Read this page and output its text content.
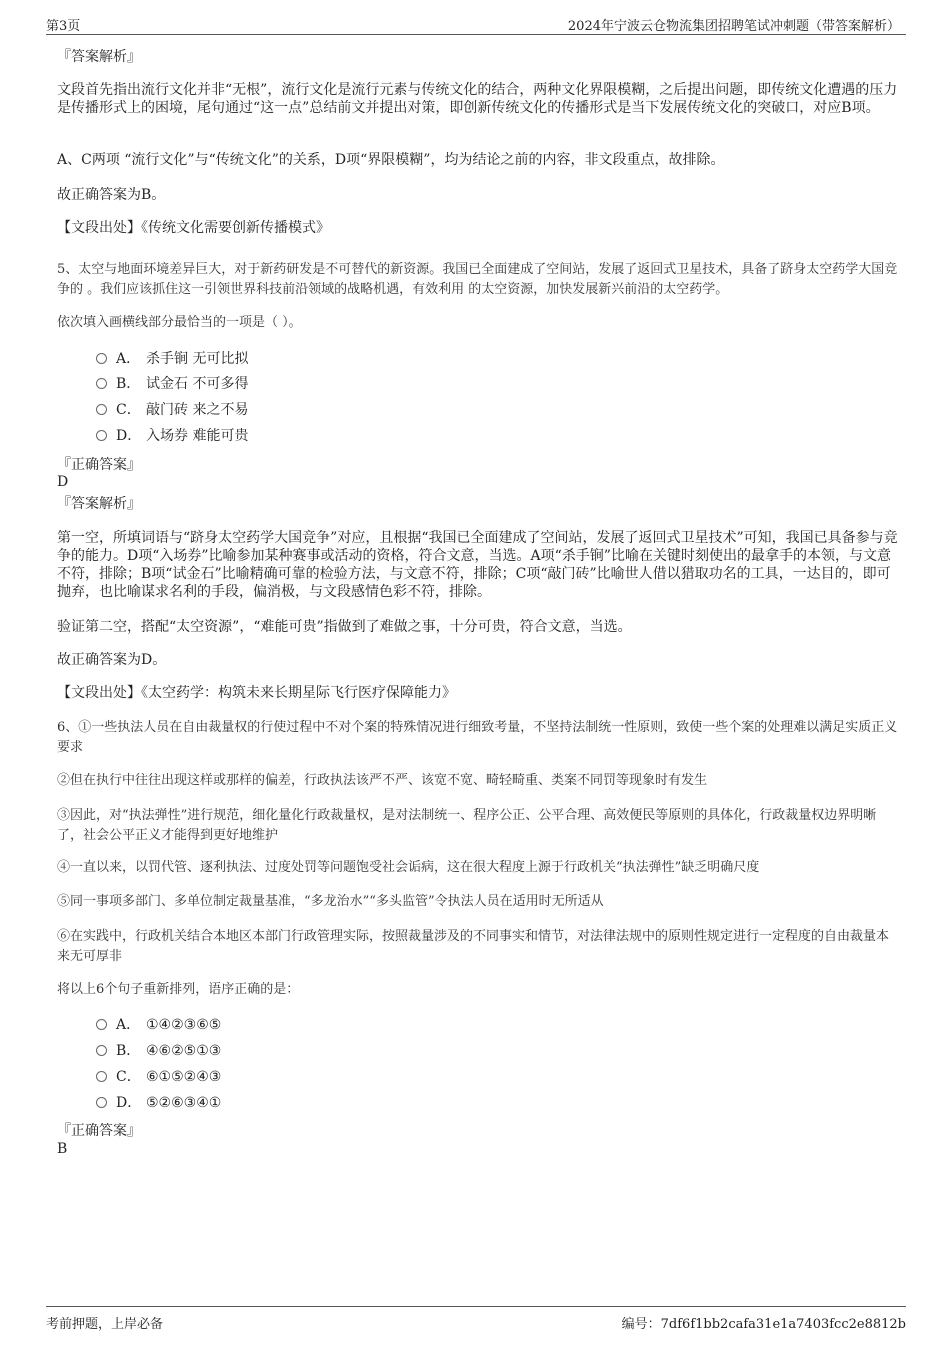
第3页	2024年宁波云仓物流集团招聘笔试冲刺题（带答案解析）
『答案解析』
文段首先指出流行文化并非“无根”，流行文化是流行元素与传统文化的结合，两种文化界限模糊，之后提出问题，即传统文化遭遇的压力是传播形式上的困境，尾句通过“这一点”总结前文并提出对策，即创新传统文化的传播形式是当下发展传统文化的突破口，对应B项。
A、C两项 “流行文化”与“传统文化”的关系，D项“界限模糊”，均为结论之前的内容，非文段重点，故排除。
故正确答案为B。
【文段出处】《传统文化需要创新传播模式》
5、太空与地面环境差异巨大，对于新药研发是不可替代的新资源。我国已全面建成了空间站，发展了返回式卫星技术，具备了跻身太空药学大国竞争的 。我们应该抓住这一引领世界科技前沿领域的战略机遇，有效利用 的太空资源，加快发展新兴前沿的太空药学。
依次填入画横线部分最恰当的一项是（ ）。
A． 杀手锏 无可比拟
B． 试金石 不可多得
C． 敲门砖 来之不易
D． 入场券 难能可贵
『正确答案』
D
『答案解析』
第一空，所填词语与“跻身太空药学大国竞争”对应，且根据“我国已全面建成了空间站，发展了返回式卫星技术”可知，我国已具备参与竞争的能力。D项“入场券”比喻参加某种赛事或活动的资格，符合文意，当选。A项“杀手锏”比喻在关键时刻使出的最拿手的本领，与文意不符，排除；B项“试金石”比喻精确可靠的检验方法，与文意不符，排除；C项“敲门砖”比喻世人借以猎取功名的工具，一达目的，即可抛弃，也比喻谋求名利的手段，偏消极，与文段感情色彩不符，排除。
验证第二空，搭配“太空资源”，“难能可贵”指做到了难做之事，十分可贵，符合文意，当选。
故正确答案为D。
【文段出处】《太空药学：构筑未来长期星际飞行医疗保障能力》
6、①一些执法人员在自由裁量权的行使过程中不对个案的特殊情况进行细致考量，不坚持法制统一性原则，致使一些个案的处理难以满足实质正义要求
②但在执行中往往出现这样或那样的偏差，行政执法该严不严、该宽不宽、畸轻畸重、类案不同罚等现象时有发生
③因此，对“执法弹性”进行规范，细化量化行政裁量权，是对法制统一、程序公正、公平合理、高效便民等原则的具体化，行政裁量权边界明晰了，社会公平正义才能得到更好地维护
④一直以来，以罚代管、逐利执法、过度处罚等问题饱受社会诟病，这在很大程度上源于行政机关“执法弹性”缺乏明确尺度
⑤同一事项多部门、多单位制定裁量基准，“多龙治水”“多头监管”令执法人员在适用时无所适从
⑥在实践中，行政机关结合本地区本部门行政管理实际，按照裁量涉及的不同事实和情节，对法律法规中的原则性规定进行一定程度的自由裁量本来无可厚非
将以上6个句子重新排列，语序正确的是：
A． ①④②③⑥⑤
B． ④⑥②⑤①③
C． ⑥①⑤②④③
D． ⑤②⑥③④①
『正确答案』
B
考前押题，上岸必备	编号：7df6f1bb2cafa31e1a7403fcc2e8812b
